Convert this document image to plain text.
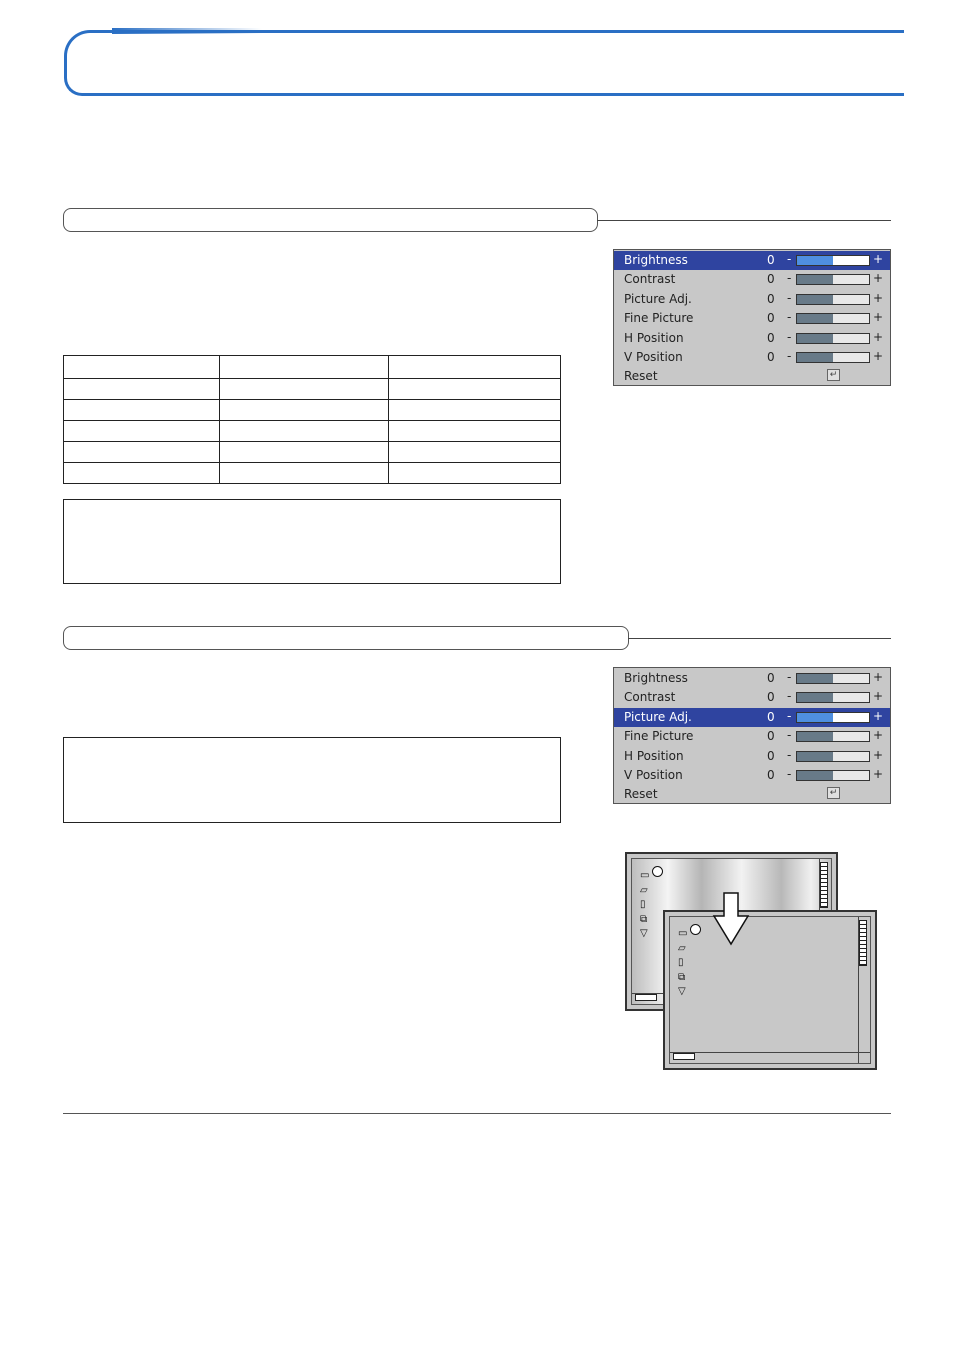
Brightness	0 -	+
Contrast	0 -	+
Picture Adj.	0 -	+
Fine Picture	0 -	+
H Position	0 -	+
V Position	0 -	+
Reset	↵
Brightness	0 -	+
Contrast	0 -	+
Picture Adj.	0 -	+
Fine Picture	0 -	+
H Position	0 -	+
V Position	0 -	+
Reset	↵
▭
▱
▯
⧉
▽	▭
▱
▯
⧉
▽
